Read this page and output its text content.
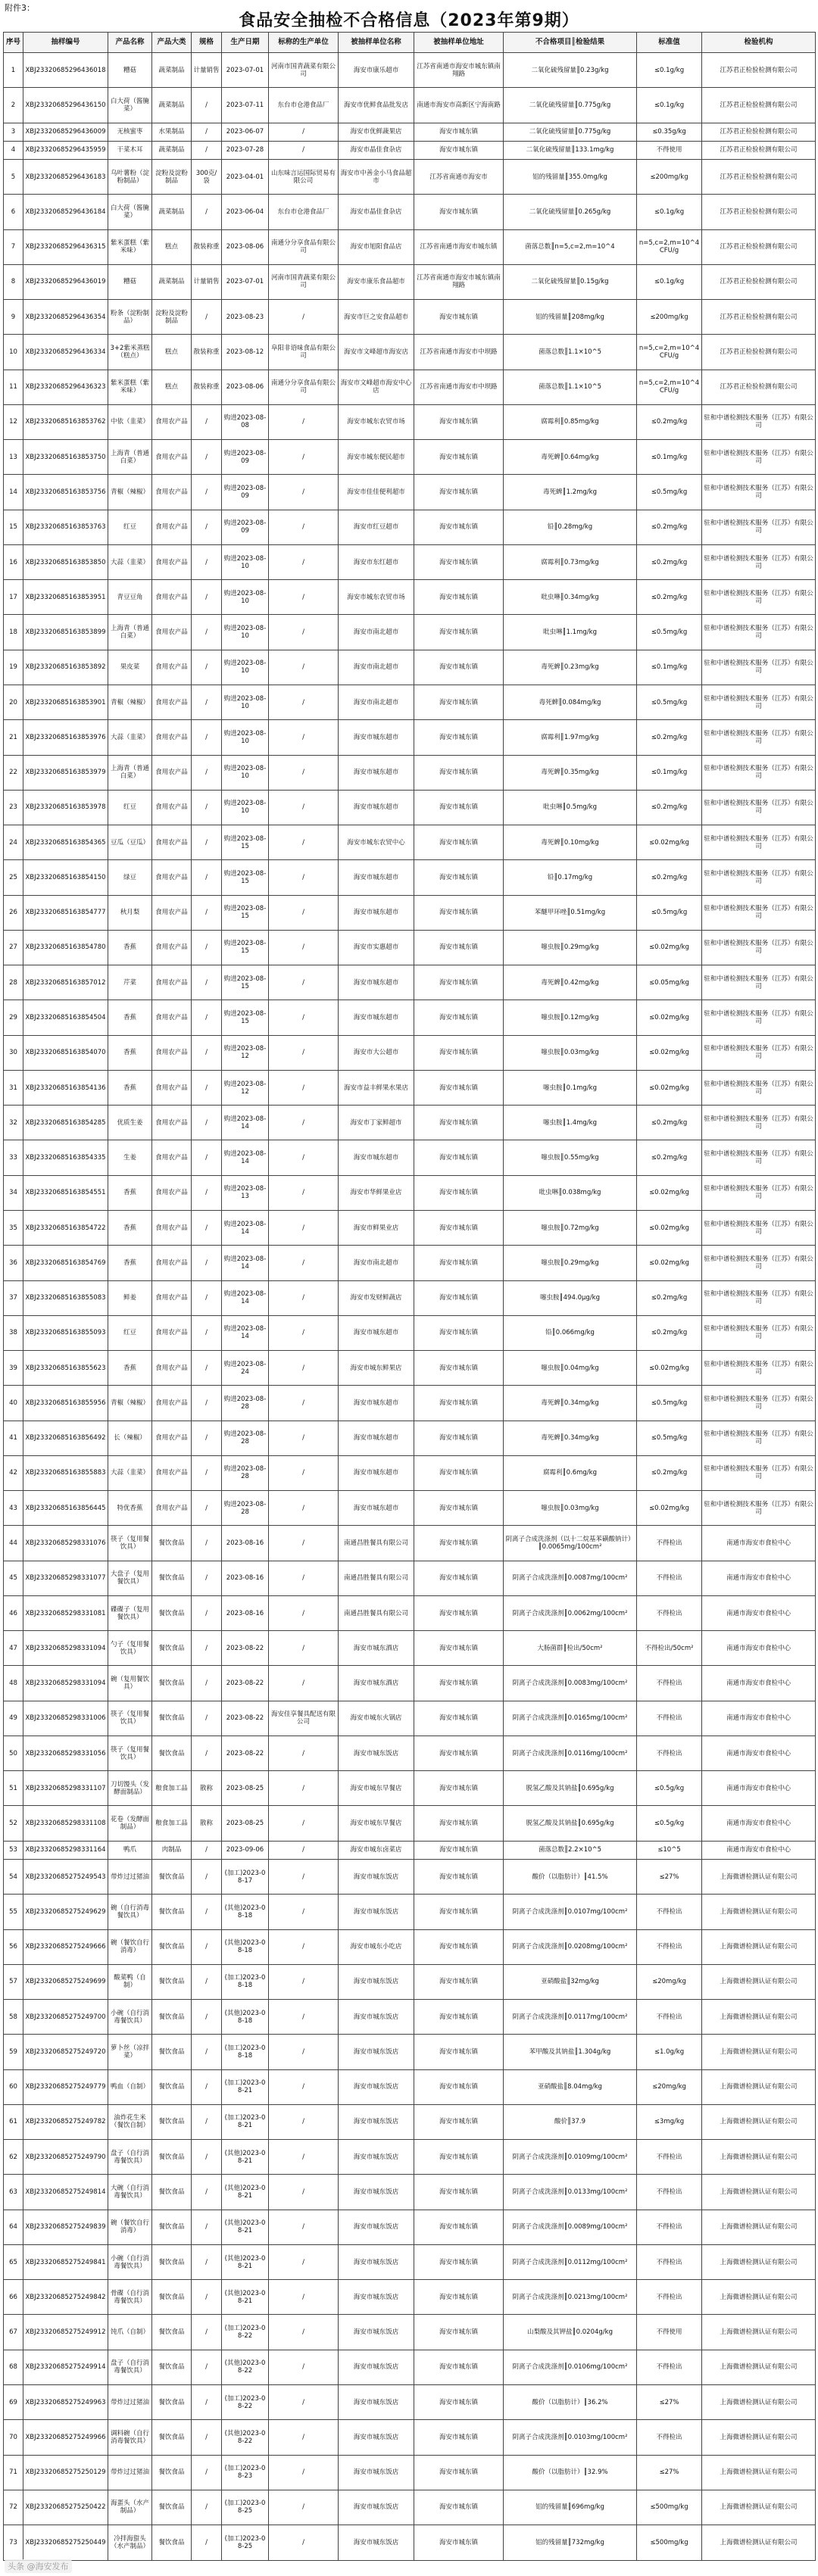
附件3：
食品安全抽检不合格信息（2023年第9期）
序号	抽样编号	产品名称	产品大类	规格	生产日期	标称的生产单位	被抽样单位名称	被抽样单位地址	不合格项目║检验结果	标准值	检验机构
1	XBJ23320685296436018	糟菇	蔬菜制品	计量销售	2023-07-01	河南市国青蔬菜有限公司	海安市康乐超市	江苏省南通市海安市城东镇南翔路	二氧化硫残留量║0.23g/kg	≤0.1g/kg	江苏君正检验检测有限公司
2	XBJ23320685296436150	白大荷（酱腌菜）	蔬菜制品	/	2023-07-11	东台市仓港食品厂	海安市优鲜食品批发店	南通市海安市高新区宁海南路	二氧化硫残留量║0.775g/kg	≤0.1g/kg	江苏君正检验检测有限公司
3	XBJ23320685296436009	无核蜜枣	水果制品	/	2023-06-07	/	海安市优鲜蔬果店	海安市城东镇	二氧化硫残留量║0.775g/kg	≤0.35g/kg	江苏君正检验检测有限公司
4	XBJ23320685296435959	干菜木耳	蔬菜制品	/	2023-07-28	/	海安市晶佳食杂店	海安市城东镇	二氧化硫残留量║133.1mg/kg	不得使用	江苏君正检验检测有限公司
5	XBJ23320685296436183	乌叶薯粉（淀粉制品）	淀粉及淀粉制品	300克/袋	2023-04-01	山东味言运国际贸易有限公司	海安市中善金小马食品超市	江苏省南通市海安市	铝的残留量║355.0mg/kg	≤200mg/kg	江苏君正检验检测有限公司
6	XBJ23320685296436184	白大荷（酱腌菜）	蔬菜制品	/	2023-06-04	东台市仓港食品厂	海安市晶佳食杂店	海安市城东镇	二氧化硫残留量║0.265g/kg	≤0.1g/kg	江苏君正检验检测有限公司
7	XBJ23320685296436315	紫米蛋糕（紫米味）	糕点	散装称重	2023-08-06	南通分分享食品有限公司	海安市旭阳食品店	江苏省南通市海安市城东镇	菌落总数║n=5,c=2,m=10^4	n=5,c=2,m=10^4 CFU/g	江苏君正检验检测有限公司
8	XBJ23320685296436019	糟菇	蔬菜制品	计量销售	2023-07-01	河南市国青蔬菜有限公司	海安市康乐食品超市	江苏省南通市海安市城东镇南翔路	二氧化硫残留量║0.15g/kg	≤0.1g/kg	江苏君正检验检测有限公司
9	XBJ23320685296436354	粉条（淀粉制品）	淀粉及淀粉制品	/	2023-08-23	/	海安市巨之安食品超市	海安市城东镇	铝的残留量║208mg/kg	≤200mg/kg	江苏君正检验检测有限公司
10	XBJ23320685296436334	3+2紫米蒸糕（糕点）	糕点	散装称重	2023-08-12	阜阳非语味食品有限公司	海安市文峰超市海安店	江苏省南通市海安市中坝路	菌落总数║1.1×10^5	n=5,c=2,m=10^4 CFU/g	江苏君正检验检测有限公司
11	XBJ23320685296436323	紫米蛋糕（紫米味）	糕点	散装称重	2023-08-06	南通分分享食品有限公司	海安市文峰超市海安中心店	江苏省南通市海安市中坝路	菌落总数║1.1×10^5	n=5,c=2,m=10^4 CFU/g	江苏君正检验检测有限公司
12	XBJ23320685163853762	中依（韭菜）	食用农产品	/	购进2023-08-08	/	海安市城东农贸市场	海安市城东镇	腐霉利║0.85mg/kg	≤0.2mg/kg	驻和中谱检测技术服务（江苏）有限公司
13	XBJ23320685163853750	上海青（普通白菜）	食用农产品	/	购进2023-08-09	/	海安市城东便民超市	海安市城东镇	毒死蜱║0.64mg/kg	≤0.1mg/kg	驻和中谱检测技术服务（江苏）有限公司
14	XBJ23320685163853756	青椒（辣椒）	食用农产品	/	购进2023-08-09	/	海安市佳佳便利超市	海安市城东镇	毒死蜱║1.2mg/kg	≤0.5mg/kg	驻和中谱检测技术服务（江苏）有限公司
15	XBJ23320685163853763	红豆	食用农产品	/	购进2023-08-09	/	海安市红豆超市	海安市城东镇	铅║0.28mg/kg	≤0.2mg/kg	驻和中谱检测技术服务（江苏）有限公司
16	XBJ23320685163853850	大蒜（韭菜）	食用农产品	/	购进2023-08-10	/	海安市东红超市	海安市城东镇	腐霉利║0.73mg/kg	≤0.2mg/kg	驻和中谱检测技术服务（江苏）有限公司
17	XBJ23320685163853951	青豆豆角	食用农产品	/	购进2023-08-10	/	海安市城东农贸市场	海安市城东镇	吡虫啉║0.34mg/kg	≤0.2mg/kg	驻和中谱检测技术服务（江苏）有限公司
18	XBJ23320685163853899	上海青（普通白菜）	食用农产品	/	购进2023-08-10	/	海安市南北超市	海安市城东镇	吡虫啉║1.1mg/kg	≤0.5mg/kg	驻和中谱检测技术服务（江苏）有限公司
19	XBJ23320685163853892	果皮菜	食用农产品	/	购进2023-08-10	/	海安市南北超市	海安市城东镇	毒死蜱║0.23mg/kg	≤0.1mg/kg	驻和中谱检测技术服务（江苏）有限公司
20	XBJ23320685163853901	青椒（辣椒）	食用农产品	/	购进2023-08-10	/	海安市南北超市	海安市城东镇	毒死蜱║0.084mg/kg	≤0.5mg/kg	驻和中谱检测技术服务（江苏）有限公司
21	XBJ23320685163853976	大蒜（韭菜）	食用农产品	/	购进2023-08-10	/	海安市城东超市	海安市城东镇	腐霉利║1.97mg/kg	≤0.2mg/kg	驻和中谱检测技术服务（江苏）有限公司
22	XBJ23320685163853979	上海青（普通白菜）	食用农产品	/	购进2023-08-10	/	海安市城东超市	海安市城东镇	毒死蜱║0.35mg/kg	≤0.1mg/kg	驻和中谱检测技术服务（江苏）有限公司
23	XBJ23320685163853978	红豆	食用农产品	/	购进2023-08-10	/	海安市城东超市	海安市城东镇	吡虫啉║0.5mg/kg	≤0.2mg/kg	驻和中谱检测技术服务（江苏）有限公司
24	XBJ23320685163854365	豆瓜（豆瓜）	食用农产品	/	购进2023-08-15	/	海安市城东农贸中心	海安市城东镇	毒死蜱║0.10mg/kg	≤0.02mg/kg	驻和中谱检测技术服务（江苏）有限公司
25	XBJ23320685163854150	绿豆	食用农产品	/	购进2023-08-15	/	海安市城东超市	海安市城东镇	铅║0.17mg/kg	≤0.2mg/kg	驻和中谱检测技术服务（江苏）有限公司
26	XBJ23320685163854777	秋月梨	食用农产品	/	购进2023-08-15	/	海安市城东超市	海安市城东镇	苯醚甲环唑║0.51mg/kg	≤0.5mg/kg	驻和中谱检测技术服务（江苏）有限公司
27	XBJ23320685163854780	香蕉	食用农产品	/	购进2023-08-15	/	海安市实惠超市	海安市城东镇	噻虫胺║0.29mg/kg	≤0.02mg/kg	驻和中谱检测技术服务（江苏）有限公司
28	XBJ23320685163857012	芹菜	食用农产品	/	购进2023-08-15	/	海安市城东超市	海安市城东镇	毒死蜱║0.42mg/kg	≤0.05mg/kg	驻和中谱检测技术服务（江苏）有限公司
29	XBJ23320685163854504	香蕉	食用农产品	/	购进2023-08-15	/	海安市城东超市	海安市城东镇	噻虫胺║0.12mg/kg	≤0.02mg/kg	驻和中谱检测技术服务（江苏）有限公司
30	XBJ23320685163854070	香蕉	食用农产品	/	购进2023-08-12	/	海安市大公超市	海安市城东镇	噻虫胺║0.03mg/kg	≤0.02mg/kg	驻和中谱检测技术服务（江苏）有限公司
31	XBJ23320685163854136	香蕉	食用农产品	/	购进2023-08-12	/	海安市益丰鲜果水果店	海安市城东镇	噻虫胺║0.1mg/kg	≤0.02mg/kg	驻和中谱检测技术服务（江苏）有限公司
32	XBJ23320685163854285	优质生姜	食用农产品	/	购进2023-08-14	/	海安市丁家鲜超市	海安市城东镇	噻虫胺║1.4mg/kg	≤0.2mg/kg	驻和中谱检测技术服务（江苏）有限公司
33	XBJ23320685163854335	生姜	食用农产品	/	购进2023-08-14	/	海安市城东超市	海安市城东镇	噻虫胺║0.55mg/kg	≤0.2mg/kg	驻和中谱检测技术服务（江苏）有限公司
34	XBJ23320685163854551	香蕉	食用农产品	/	购进2023-08-13	/	海安市华鲜果业店	海安市城东镇	吡虫啉║0.038mg/kg	≤0.02mg/kg	驻和中谱检测技术服务（江苏）有限公司
35	XBJ23320685163854722	香蕉	食用农产品	/	购进2023-08-14	/	海安市鲜果业店	海安市城东镇	噻虫胺║0.72mg/kg	≤0.02mg/kg	驻和中谱检测技术服务（江苏）有限公司
36	XBJ23320685163854769	香蕉	食用农产品	/	购进2023-08-14	/	海安市南北超市	海安市城东镇	噻虫胺║0.29mg/kg	≤0.02mg/kg	驻和中谱检测技术服务（江苏）有限公司
37	XBJ23320685163855083	鲜姜	食用农产品	/	购进2023-08-14	/	海安市发财鲜蔬店	海安市城东镇	噻虫胺║494.0μg/kg	≤0.2mg/kg	驻和中谱检测技术服务（江苏）有限公司
38	XBJ23320685163855093	红豆	食用农产品	/	购进2023-08-14	/	海安市城东超市	海安市城东镇	铅║0.066mg/kg	≤0.2mg/kg	驻和中谱检测技术服务（江苏）有限公司
39	XBJ23320685163855623	香蕉	食用农产品	/	购进2023-08-24	/	海安市城东鲜果店	海安市城东镇	噻虫胺║0.04mg/kg	≤0.02mg/kg	驻和中谱检测技术服务（江苏）有限公司
40	XBJ23320685163855956	青椒（辣椒）	食用农产品	/	购进2023-08-28	/	海安市城东超市	海安市城东镇	毒死蜱║0.34mg/kg	≤0.5mg/kg	驻和中谱检测技术服务（江苏）有限公司
41	XBJ23320685163856492	长（辣椒）	食用农产品	/	购进2023-08-28	/	海安市城东超市	海安市城东镇	毒死蜱║0.34mg/kg	≤0.5mg/kg	驻和中谱检测技术服务（江苏）有限公司
42	XBJ23320685163855883	大蒜（韭菜）	食用农产品	/	购进2023-08-28	/	海安市城东超市	海安市城东镇	腐霉利║0.6mg/kg	≤0.2mg/kg	驻和中谱检测技术服务（江苏）有限公司
43	XBJ23320685163856445	特优香蕉	食用农产品	/	购进2023-08-28	/	海安市城东超市	海安市城东镇	噻虫胺║0.03mg/kg	≤0.02mg/kg	驻和中谱检测技术服务（江苏）有限公司
44	XBJ23320685298331076	筷子（复用餐饮具）	餐饮食品	/	2023-08-16	/	南通昌胜餐具有限公司	海安市城东镇	阴离子合成洗涤剂（以十二烷基苯磺酸钠计）║0.0065mg/100cm²	不得检出	南通市海安市食检中心
45	XBJ23320685298331077	大盘子（复用餐饮具）	餐饮食品	/	2023-08-16	/	南通昌胜餐具有限公司	海安市城东镇	阴离子合成洗涤剂║0.0087mg/100cm²	不得检出	南通市海安市食检中心
46	XBJ23320685298331081	碟碟子（复用餐饮具）	餐饮食品	/	2023-08-16	/	南通昌胜餐具有限公司	海安市城东镇	阴离子合成洗涤剂║0.0062mg/100cm²	不得检出	南通市海安市食检中心
47	XBJ23320685298331094	勺子（复用餐饮具）	餐饮食品	/	2023-08-22	/	海安市城东酒店	海安市城东镇	大肠菌群║检出/50cm²	不得检出/50cm²	南通市海安市食检中心
48	XBJ23320685298331094	碗（复用餐饮具）	餐饮食品	/	2023-08-22	/	海安市城东酒店	海安市城东镇	阴离子合成洗涤剂║0.0083mg/100cm²	不得检出	南通市海安市食检中心
49	XBJ23320685298331006	筷子（复用餐饮具）	餐饮食品	/	2023-08-22	海安佳享餐具配送有限公司	海安市城东火锅店	海安市城东镇	阴离子合成洗涤剂║0.0165mg/100cm²	不得检出	南通市海安市食检中心
50	XBJ23320685298331056	筷子（复用餐饮具）	餐饮食品	/	2023-08-22	/	海安市城东饭店	海安市城东镇	阴离子合成洗涤剂║0.0116mg/100cm²	不得检出	南通市海安市食检中心
51	XBJ23320685298331107	刀切馒头（发酵面制品）	粮食加工品	散称	2023-08-25	/	海安市城东早餐店	海安市城东镇	脱氢乙酸及其钠盐║0.695g/kg	≤0.5g/kg	南通市海安市食检中心
52	XBJ23320685298331108	花卷（发酵面制品）	粮食加工品	散称	2023-08-25	/	海安市城东早餐店	海安市城东镇	脱氢乙酸及其钠盐║0.695g/kg	≤0.5g/kg	南通市海安市食检中心
53	XBJ23320685298331164	鸭爪	肉制品	/	2023-09-06	/	海安市城东卤菜店	海安市城东镇	菌落总数║2.2×10^5	≤10^5	南通市海安市食检中心
54	XBJ23320685275249543	带炸过过猪油	餐饮食品	/	(加工)2023-08-17	/	海安市城东饭店	海安市城东镇	酸价（以脂肪计）║41.5%	≤27%	上海微谱检测认证有限公司
55	XBJ23320685275249629	碗（自行消毒餐饮具）	餐饮食品	/	(其他)2023-08-18	/	海安市城东饭店	海安市城东镇	阴离子合成洗涤剂║0.0107mg/100cm²	不得检出	上海微谱检测认证有限公司
56	XBJ23320685275249666	碗（餐饮自行消毒）	餐饮食品	/	(其他)2023-08-18	/	海安市城东小吃店	海安市城东镇	阴离子合成洗涤剂║0.0208mg/100cm²	不得检出	上海微谱检测认证有限公司
57	XBJ23320685275249699	酸菜鸭（自制）	餐饮食品	/	(加工)2023-08-18	/	海安市城东饭店	海安市城东镇	亚硝酸盐║32mg/kg	≤20mg/kg	上海微谱检测认证有限公司
58	XBJ23320685275249700	小碗（自行消毒餐饮具）	餐饮食品	/	(其他)2023-08-18	/	海安市城东饭店	海安市城东镇	阴离子合成洗涤剂║0.0117mg/100cm²	不得检出	上海微谱检测认证有限公司
59	XBJ23320685275249720	萝卜丝（凉拌菜）	餐饮食品	/	(加工)2023-08-18	/	海安市城东饭店	海安市城东镇	苯甲酸及其钠盐║1.304g/kg	≤1.0g/kg	上海微谱检测认证有限公司
60	XBJ23320685275249779	鸭血（自制）	餐饮食品	/	(加工)2023-08-21	/	海安市城东饭店	海安市城东镇	亚硝酸盐║8.04mg/kg	≤20mg/kg	上海微谱检测认证有限公司
61	XBJ23320685275249782	油炸花生米（餐饮自制）	餐饮食品	/	(加工)2023-08-21	/	海安市城东饭店	海安市城东镇	酸价║37.9	≤3mg/kg	上海微谱检测认证有限公司
62	XBJ23320685275249790	盘子（自行消毒餐饮具）	餐饮食品	/	(其他)2023-08-21	/	海安市城东饭店	海安市城东镇	阴离子合成洗涤剂║0.0109mg/100cm²	不得检出	上海微谱检测认证有限公司
63	XBJ23320685275249814	大碗（自行消毒餐饮具）	餐饮食品	/	(其他)2023-08-21	/	海安市城东饭店	海安市城东镇	阴离子合成洗涤剂║0.0133mg/100cm²	不得检出	上海微谱检测认证有限公司
64	XBJ23320685275249839	碗（餐饮自行消毒）	餐饮食品	/	(其他)2023-08-21	/	海安市城东饭店	海安市城东镇	阴离子合成洗涤剂║0.0089mg/100cm²	不得检出	上海微谱检测认证有限公司
65	XBJ23320685275249841	小碗（自行消毒餐饮具）	餐饮食品	/	(其他)2023-08-21	/	海安市城东饭店	海安市城东镇	阴离子合成洗涤剂║0.0112mg/100cm²	不得检出	上海微谱检测认证有限公司
66	XBJ23320685275249842	骨碟（自行消毒餐饮具）	餐饮食品	/	(其他)2023-08-21	/	海安市城东饭店	海安市城东镇	阴离子合成洗涤剂║0.0213mg/100cm²	不得检出	上海微谱检测认证有限公司
67	XBJ23320685275249912	饨爪（自制）	餐饮食品	/	(加工)2023-08-22	/	海安市城东饭店	海安市城东镇	山梨酸及其钾盐║0.0204g/kg	不得使用	上海微谱检测认证有限公司
68	XBJ23320685275249914	盘子（自行消毒餐饮具）	餐饮食品	/	(其他)2023-08-22	/	海安市城东饭店	海安市城东镇	阴离子合成洗涤剂║0.0106mg/100cm²	不得检出	上海微谱检测认证有限公司
69	XBJ23320685275249963	带炸过过猪油	餐饮食品	/	(加工)2023-08-22	/	海安市城东饭店	海安市城东镇	酸价（以脂肪计）║36.2%	≤27%	上海微谱检测认证有限公司
70	XBJ23320685275249966	调料碗（自行消毒餐饮具）	餐饮食品	/	(其他)2023-08-22	/	海安市城东饭店	海安市城东镇	阴离子合成洗涤剂║0.0103mg/100cm²	不得检出	上海微谱检测认证有限公司
71	XBJ23320685275250129	带炸过过猪油	餐饮食品	/	(加工)2023-08-23	/	海安市城东饭店	海安市城东镇	酸价（以脂肪计）║32.9%	≤27%	上海微谱检测认证有限公司
72	XBJ23320685275250422	海蛋头（水产制品）	餐饮食品	/	(加工)2023-08-25	/	海安市城东饭店	海安市城东镇	铝的残留量║696mg/kg	≤500mg/kg	上海微谱检测认证有限公司
73	XBJ23320685275250449	冷拌海蜇头（水产制品）	餐饮食品	/	(加工)2023-08-25	/	海安市城东饭店	海安市城东镇	铝的残留量║732mg/kg	≤500mg/kg	上海微谱检测认证有限公司
头条 @海安发布
